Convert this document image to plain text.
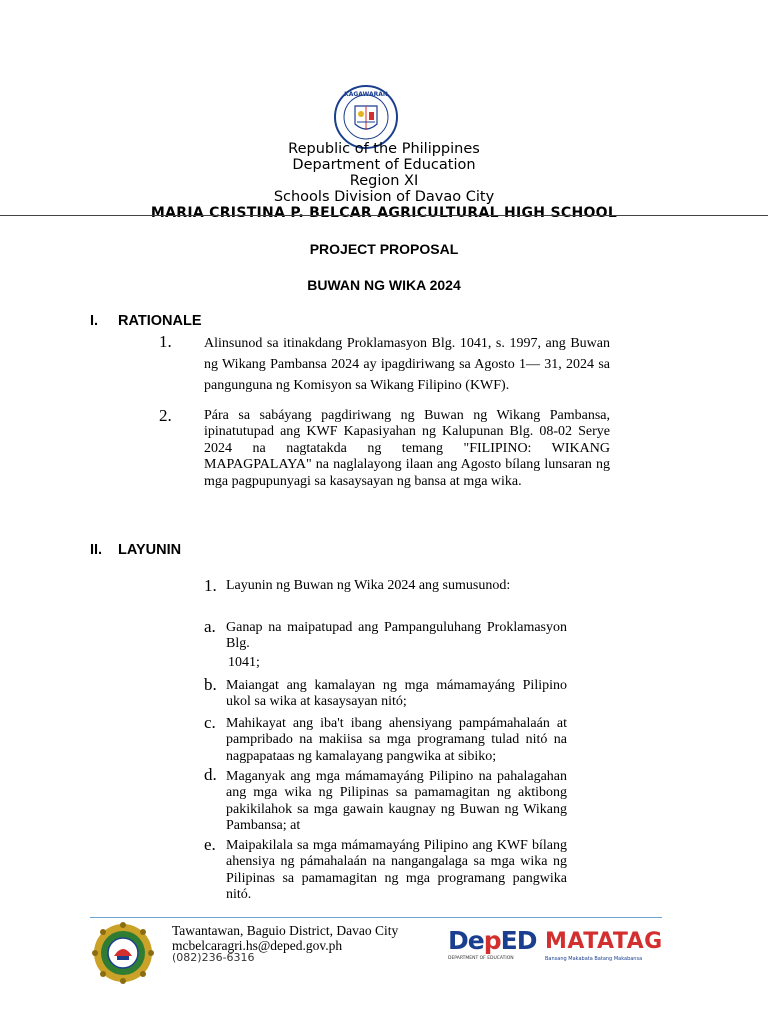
KAGAWARAN
Republic of the Philippines
Department of Education
Region XI
Schools Division of Davao City
MARIA CRISTINA P. BELCAR AGRICULTURAL HIGH SCHOOL
PROJECT PROPOSAL
BUWAN NG WIKA 2024
I. RATIONALE
1. Alinsunod sa itinakdang Proklamasyon Blg. 1041, s. 1997, ang Buwan ng Wikang Pambansa 2024 ay ipagdiriwang sa Agosto 1— 31, 2024 sa pangunguna ng Komisyon sa Wikang Filipino (KWF).
2. Pára sa sabáyang pagdiriwang ng Buwan ng Wikang Pambansa, ipinatutupad ang KWF Kapasiyahan ng Kalupunan Blg. 08-02 Serye 2024 na nagtatakda ng temang "FILIPINO: WIKANG MAPAGPALAYA" na naglalayong ilaan ang Agosto bílang lunsaran ng mga pagpupunyagi sa kasaysayan ng bansa at mga wika.
II. LAYUNIN
1. Layunin ng Buwan ng Wika 2024 ang sumusunod:
a. Ganap na maipatupad ang Pampanguluhang Proklamasyon Blg.
1041;
b. Maiangat ang kamalayan ng mga mámamayáng Pilipino ukol sa wika at kasaysayan nitó;
c. Mahikayat ang iba't ibang ahensiyang pampámahalaán at pampribado na makiisa sa mga programang tulad nitó na nagpapataas ng kamalayang pangwika at sibiko;
d. Maganyak ang mga mámamayáng Pilipino na pahalagahan ang mga wika ng Pilipinas sa pamamagitan ng aktibong pakikilahok sa mga gawain kaugnay ng Buwan ng Wikang Pambansa; at
e. Maipakilala sa mga mámamayáng Pilipino ang KWF bílang ahensiya ng pámahalaán na nangangalaga sa mga wika ng Pilipinas sa pamamagitan ng mga programang pangwika nitó.
Tawantawan, Baguio District, Davao City
mcbelcaragri.hs@deped.gov.ph
(082)236-6316
DepED
DEPARTMENT OF EDUCATION
MATATAG
Bansang Makabata Batang Makabansa
